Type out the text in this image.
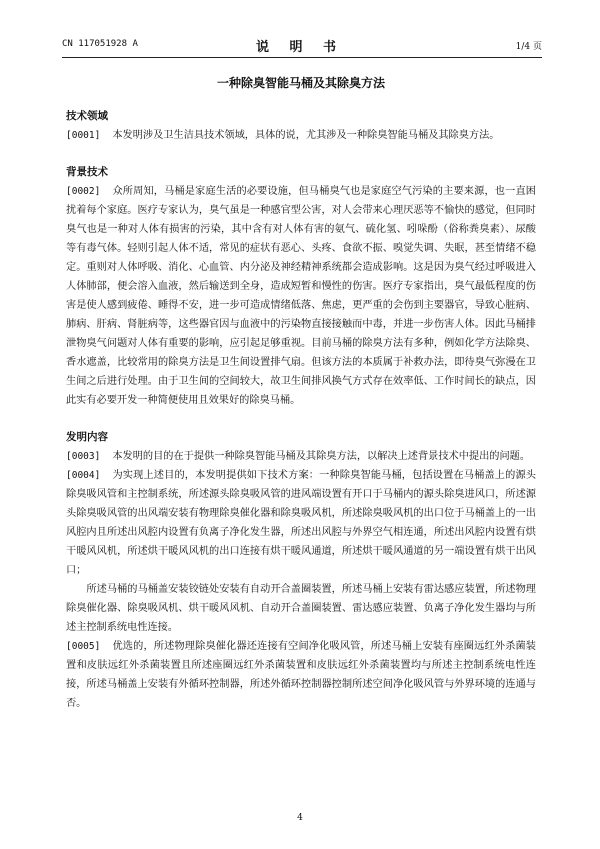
CN 117051928 A	说 明 书	1/4 页
一种除臭智能马桶及其除臭方法
技术领域
[0001] 本发明涉及卫生洁具技术领域，具体的说，尤其涉及一种除臭智能马桶及其除臭方法。
背景技术
[0002] 众所周知，马桶是家庭生活的必要设施，但马桶臭气也是家庭空气污染的主要来源，也一直困扰着每个家庭。医疗专家认为，臭气虽是一种感官型公害，对人会带来心理厌恶等不愉快的感觉，但同时臭气也是一种对人体有损害的污染，其中含有对人体有害的氨气、硫化氢、吲哚酚（俗称粪臭素）、尿酸等有毒气体。轻则引起人体不适，常见的症状有恶心、头疼、食欲不振、嗅觉失调、失眠，甚至情绪不稳定。重则对人体呼吸、消化、心血管、内分泌及神经精神系统都会造成影响。这是因为臭气经过呼吸进入人体肺部，便会溶入血液，然后输送到全身，造成短暂和慢性的伤害。医疗专家指出，臭气最低程度的伤害是使人感到疲倦、睡得不安，进一步可造成情绪低落、焦虑，更严重的会伤到主要器官，导致心脏病、肺病、肝病、肾脏病等，这些器官因与血液中的污染物直接接触而中毒，并进一步伤害人体。因此马桶排泄物臭气问题对人体有重要的影响，应引起足够重视。目前马桶的除臭方法有多种，例如化学方法除臭、香水遮盖，比较常用的除臭方法是卫生间设置排气扇。但该方法的本质属于补救办法，即待臭气弥漫在卫生间之后进行处理。由于卫生间的空间较大，故卫生间排风换气方式存在效率低、工作时间长的缺点，因此实有必要开发一种简便使用且效果好的除臭马桶。
发明内容
[0003] 本发明的目的在于提供一种除臭智能马桶及其除臭方法，以解决上述背景技术中提出的问题。
[0004] 为实现上述目的，本发明提供如下技术方案：一种除臭智能马桶，包括设置在马桶盖上的源头除臭吸风管和主控制系统，所述源头除臭吸风管的进风端设置有开口于马桶内的源头除臭进风口，所述源头除臭吸风管的出风端安装有物理除臭催化器和除臭吸风机，所述除臭吸风机的出口位于马桶盖上的一出风腔内且所述出风腔内设置有负离子净化发生器，所述出风腔与外界空气相连通，所述出风腔内设置有烘干暖风风机，所述烘干暖风风机的出口连接有烘干暖风通道，所述烘干暖风通道的另一端设置有烘干出风口；
所述马桶的马桶盖安装铰链处安装有自动开合盖圈装置，所述马桶上安装有雷达感应装置，所述物理除臭催化器、除臭吸风机、烘干暖风风机、自动开合盖圈装置、雷达感应装置、负离子净化发生器均与所述主控制系统电性连接。
[0005] 优选的，所述物理除臭催化器还连接有空间净化吸风管，所述马桶上安装有座圈远红外杀菌装置和皮肤远红外杀菌装置且所述座圈远红外杀菌装置和皮肤远红外杀菌装置均与所述主控制系统电性连接，所述马桶盖上安装有外循环控制器，所述外循环控制器控制所述空间净化吸风管与外界环境的连通与否。
4
